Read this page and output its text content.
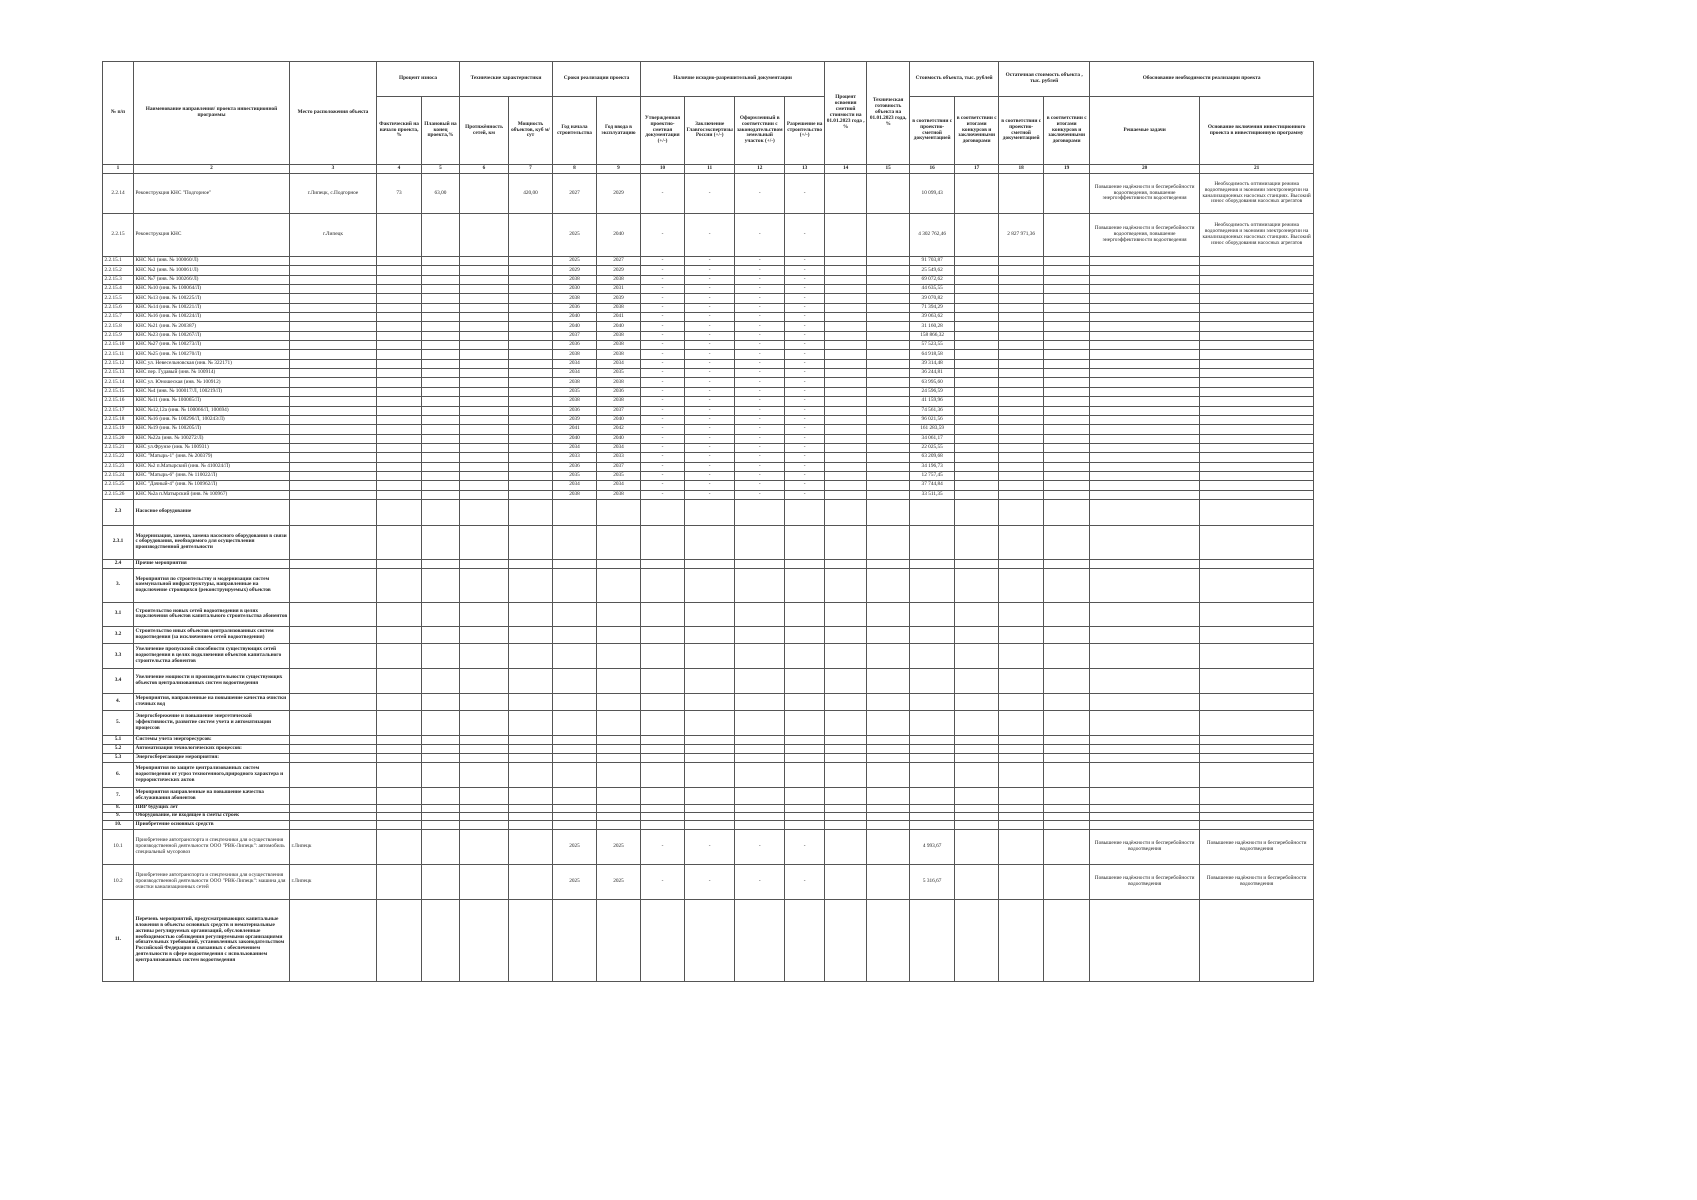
№ п/п	Наименование направления/ проекта инвестиционной программы	Место расположения объекта	Процент износа		Технические характеристики		Сроки реализации проекта		Наличие исходно-разрешительной документации				Процент освоения сметной стоимости на 01.01.2023 года , %	Техническая готовность объекта на 01.01.2023 года, %	Стоимость объекта, тыс. рублей		Остаточная стоимость объекта , тыс. рублей		Обоснование необходимости реализации проекта	
			Фактический на начало проекта, %	Плановый на конец проекта,%	Протяжённость сетей, км	Мощность объектов, куб м/сут	Год начала строительства	Год ввода в эксплуатацию	Утвержденная проектно-сметная документация (+/-)	Заключение Главгосэкспертизы России (+/-)	Оформленный в соответствии с законодательством земельный участок (+/-)	Разрешение на строительство (+/-)			в соответствии с проектно-сметной документацией	в соответствии с итогами конкурсов и заключенными договорами	в соответствии с проектно-сметной документацией	в соответствии с итогами конкурсов и заключенными договорами	Решаемые задачи	Основание включения инвестиционного проекта в инвестиционную программу
1	2	3	4	5	6	7	8	9	10	11	12	13	14	15	16	17	18	19	20	21
2.2.14	Реконструкция КНС "Подгорное"	г.Липецк, с.Подгорное	73	63,00		420,00	2027	2029	-	-	-	-			10 099,43				Повышение надёжности и бесперебойности водоотведения, повышение энергоэффективности водоотведения	Необходимость оптимизации режима водоотведения и экономии электроэнергии на канализационных насосных станциях. Высокий износ оборудования насосных агрегатов
2.2.15	Реконструкция КНС	г.Липецк					2025	2040	-	-	-	-			4 302 762,46		2 827 971,36		Повышение надёжности и бесперебойности водоотведения, повышение энергоэффективности водоотведения	Необходимость оптимизации режима водоотведения и экономии электроэнергии на канализационных насосных станциях. Высокий износ оборудования насосных агрегатов
2.2.15.1	КНС №1 (инв. № 100060/Л)						2025	2027	-	-	-	-			91 703,87					
2.2.15.2	КНС №2 (инв. № 100061/Л)						2029	2029	-	-	-	-			25 549,62					
2.2.15.3	КНС №7 (инв. № 100266/Л)						2038	2038	-	-	-	-			69 072,62					
2.2.15.4	КНС №10 (инв. № 100064/Л)						2030	2031	-	-	-	-			44 635,55					
2.2.15.5	КНС №13 (инв. № 100225/Л)						2038	2039	-	-	-	-			39 070,82					
2.2.15.6	КНС №14 (инв. № 100221/Л)						2036	2038	-	-	-	-			71 394,29					
2.2.15.7	КНС №16 (инв. № 100224/Л)						2040	2041	-	-	-	-			39 063,62					
2.2.15.8	КНС №21 (инв. № 200387)						2040	2040	-	-	-	-			31 160,28					
2.2.15.9	КНС №23 (инв. № 100267/Л)						2037	2038	-	-	-	-			158 866,32					
2.2.15.10	КНС №27 (инв. № 100273/Л)						2036	2038	-	-	-	-			57 523,55					
2.2.15.11	КНС №25 (инв. № 100270/Л)						2038	2038	-	-	-	-			64 918,58					
2.2.15.12	КНС ул. Невесельновская (инв. № 322171)						2034	2034	-	-	-	-			39 314,48					
2.2.15.13	КНС пер. Гудавый (инв. № 100914)						2034	2035	-	-	-	-			36 244,81					
2.2.15.14	КНС ул. Юношеская (инв. № 100912)						2038	2038	-	-	-	-			63 995,60					
2.2.15.15	КНС №4 (инв. № 100017/Л, 100219/Л)						2035	2036	-	-	-	-			24 596,59					
2.2.15.16	КНС №11 (инв. № 100065/Л)						2038	2038	-	-	-	-			41 159,96					
2.2.15.17	КНС №12,12а (инв. № 100066/Л, 100694)						2036	2037	-	-	-	-			74 561,36					
2.2.15.18	КНС №16 (инв. № 100296/Л, 100243/Л)						2039	2040	-	-	-	-			96 021,56					
2.2.15.19	КНС №19 (инв. № 100205/Л)						2041	2042	-	-	-	-			161 283,59					
2.2.15.20	КНС №22а (инв. № 100272/Л)						2040	2040	-	-	-	-			34 061,17					
2.2.15.21	КНС ул.Фрунзе (инв. № 100931)						2034	2034	-	-	-	-			22 025,55					
2.2.15.22	КНС "Матырь-1" (инв. № 200379)						2033	2033	-	-	-	-			63 209,68					
2.2.15.23	КНС №2 п.Матырский (инв. № 410024/Л)						2036	2037	-	-	-	-			34 196,73					
2.2.15.24	КНС "Матырь-6" (инв. № 110022/Л)						2035	2035	-	-	-	-			12 757,45					
2.2.15.25	КНС "Дачный-4" (инв. № 100962/Л)						2034	2034	-	-	-	-			37 744,84					
2.2.15.26	КНС №2а п.Матырский (инв. № 100967)						2038	2038	-	-	-	-			33 511,35					
2.3	Насосное оборудование																			
2.3.1	Модернизация, замена, замена насосного оборудования в связи с оборудования, необходимого для осуществления производственной деятельности																			
2.4	Прочие мероприятия																			
3.	Мероприятия по строительству и модернизации систем коммунальной инфраструктуры, направленные на подключение строящихся (реконструируемых) объектов																			
3.1	Строительство новых сетей водоотведения в целях подключения объектов капитального строительства абонентов																			
3.2	Строительство иных объектов централизованных систем водоотведения (за исключением сетей водоотведения)																			
3.3	Увеличение пропускной способности существующих сетей водоотведения в целях подключения объектов капитального строительства абонентов																			
3.4	Увеличение мощности и производительности существующих объектов централизованных систем водоотведения																			
4.	Мероприятия, направленные на повышение качества очистки сточных вод																			
5.	Энергосбережение и повышение энергетической эффективности, развитие систем учета и автоматизации процессов																			
5.1	Системы учета энергоресурсов:																			
5.2	Автоматизация технологических процессов:																			
5.3	Энергосберегающие мероприятия:																			
6.	Мероприятия по защите централизованных систем водоотведения от угроз техногенного,природного характера и террористических актов																			
7.	Мероприятия направленные на повышение качества обслуживания абонентов																			
8.	ПИР будущих лет																			
9.	Оборудование, не входящее в сметы строек																			
10.	Приобретение основных средств																			
10.1	Приобретение автотранспорта и спецтехники для осуществления производственной деятельности ООО "РВК-Липецк": автомобиль специальный мусоровоз	г.Липецк					2025	2025	-	-	-	-			4 993,67				Повышение надёжности и бесперебойности водоотведения	Повышение надёжности и бесперебойности водоотведения
10.2	Приобретение автотранспорта и спецтехники для осуществления производственной деятельности ООО "РВК-Липецк": машина для очистки канализационных сетей	г.Липецк					2025	2025	-	-	-	-			5 316,67				Повышение надёжности и бесперебойности водоотведения	Повышение надёжности и бесперебойности водоотведения
11.	Перечень мероприятий, предусматривающих капитальные вложения в объекты основных средств и нематериальные активы регулируемых организаций, обусловленные необходимостью соблюдения регулируемыми организациями обязательных требований, установленных законодательством Российской Федерации и связанных с обеспечением деятельности в сфере водоотведения с использованием централизованных систем водоотведения																			
